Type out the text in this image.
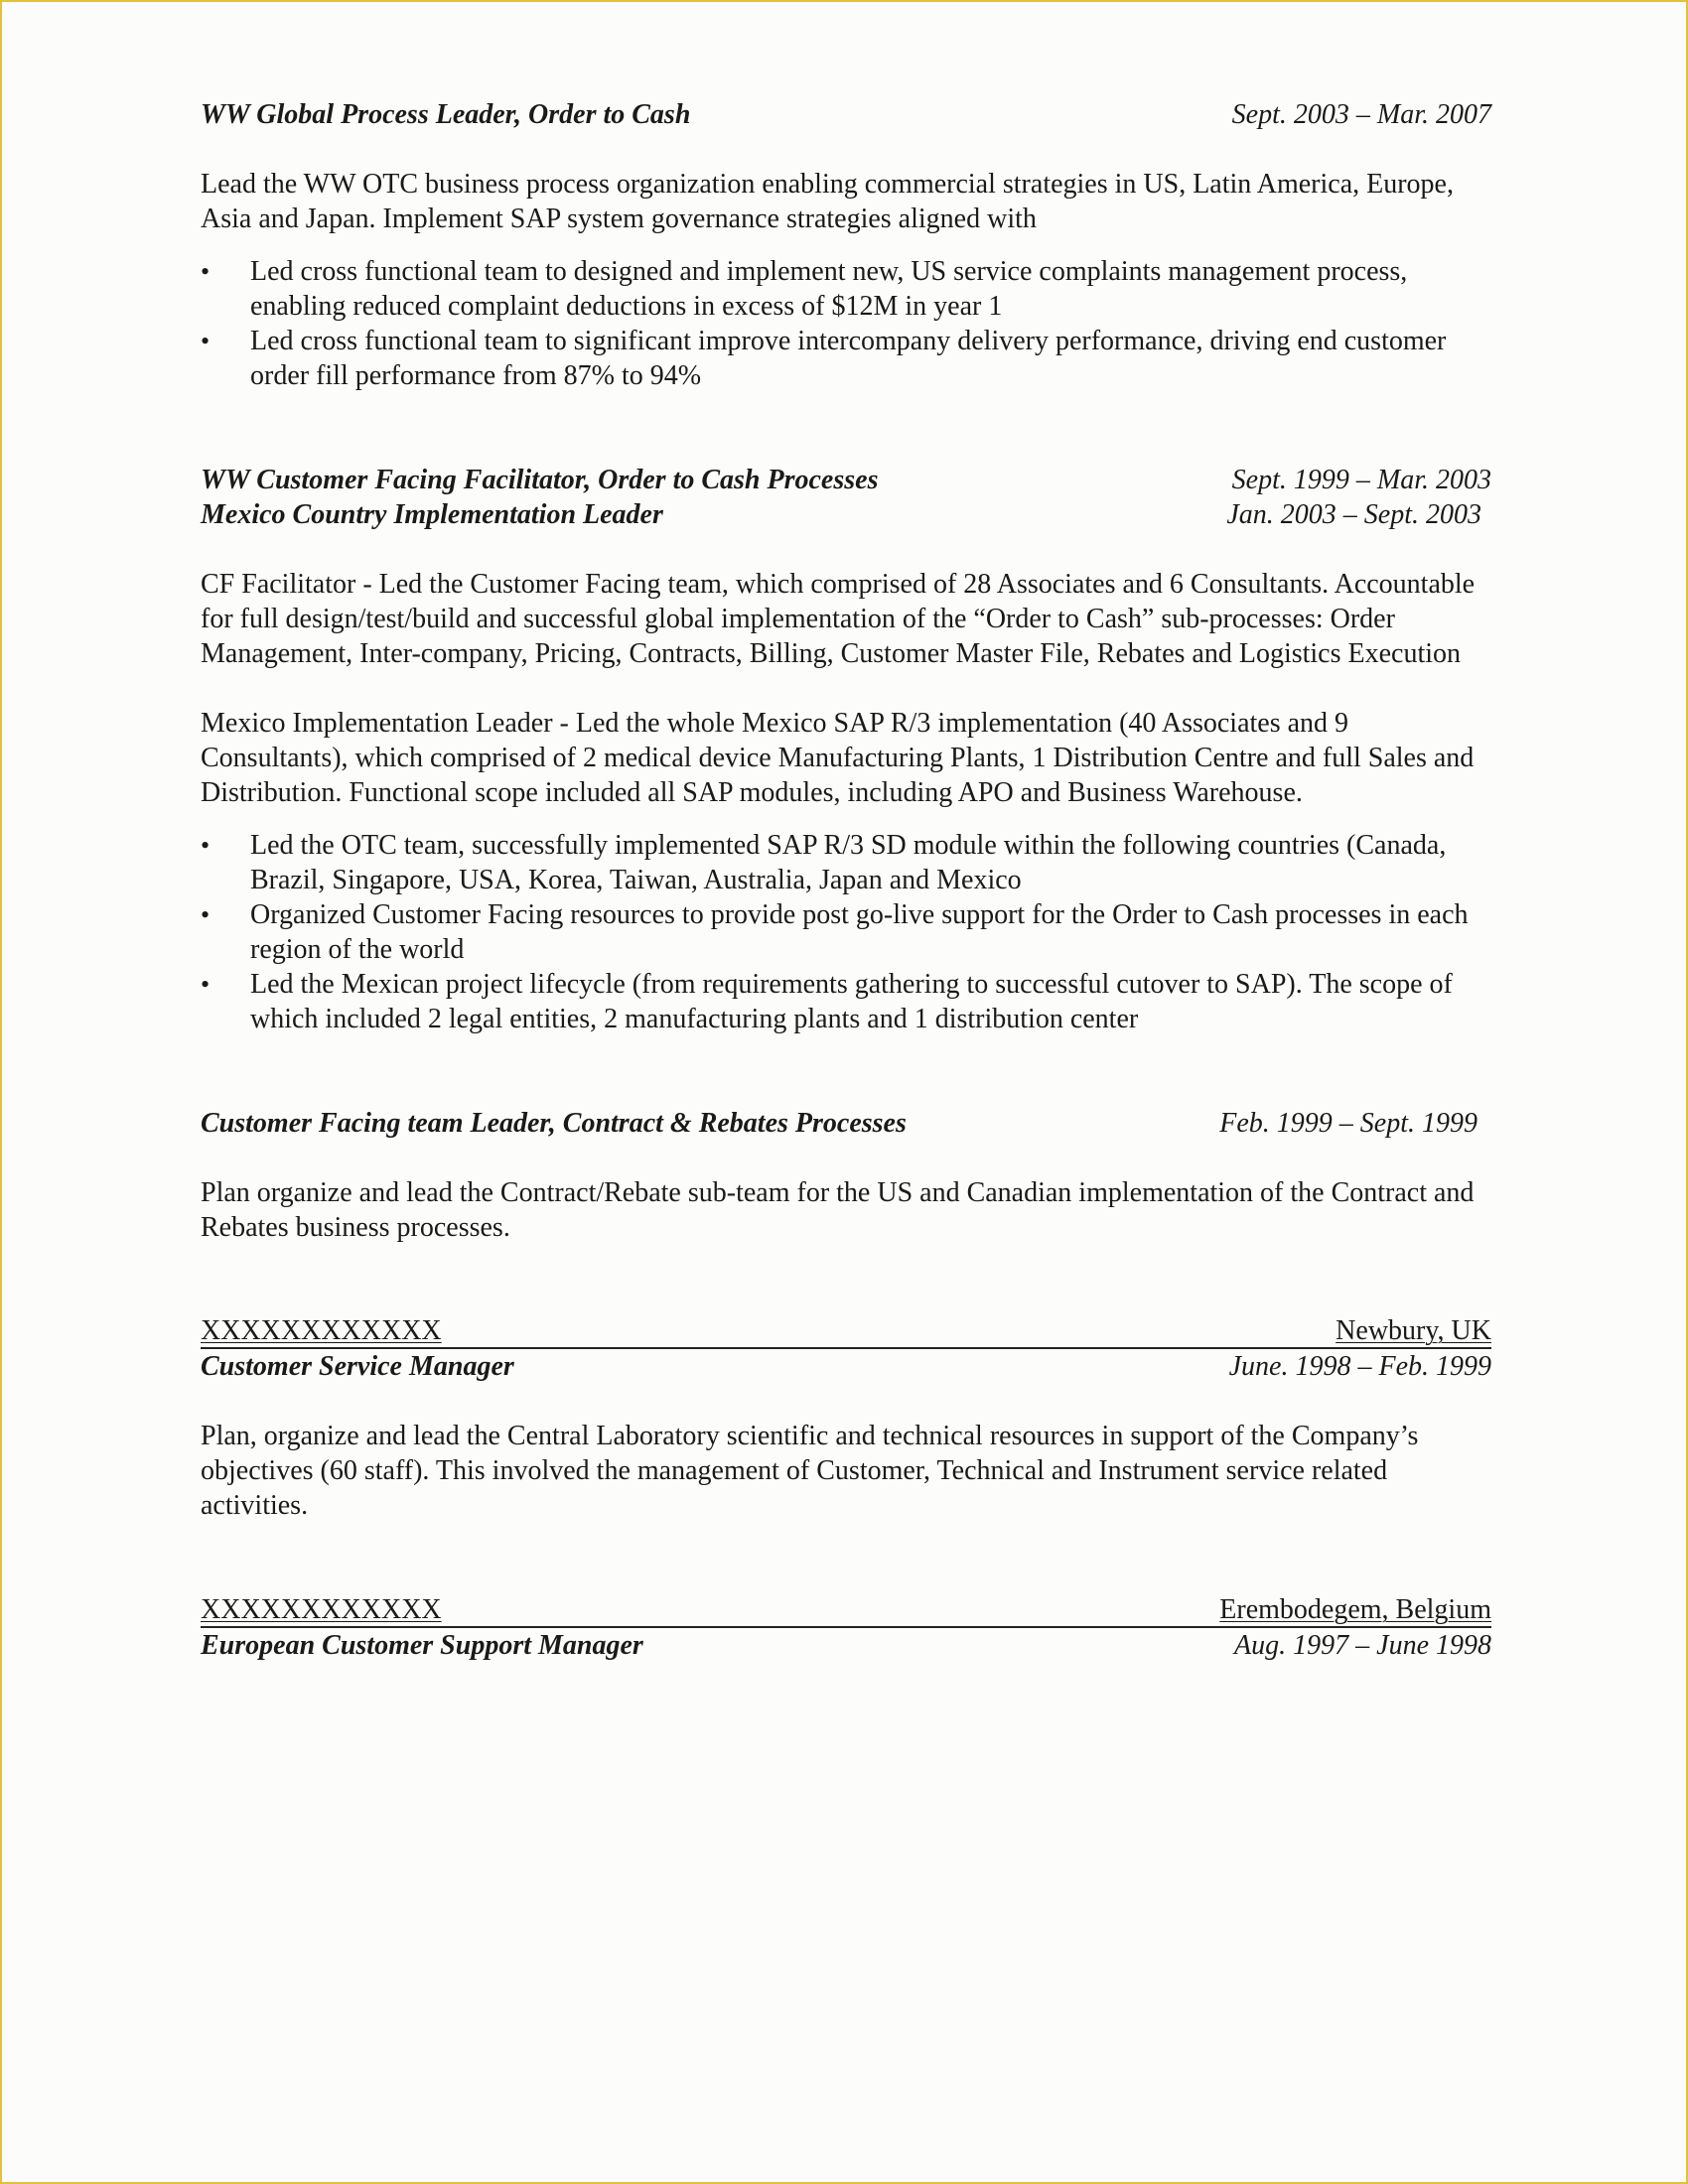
WW Global Process Leader, Order to Cash	Sept. 2003 – Mar. 2007

Lead the WW OTC business process organization enabling commercial strategies in US, Latin America, Europe, Asia and Japan. Implement SAP system governance strategies aligned with

• Led cross functional team to designed and implement new, US service complaints management process, enabling reduced complaint deductions in excess of $12M in year 1
• Led cross functional team to significant improve intercompany delivery performance, driving end customer order fill performance from 87% to 94%
WW Customer Facing Facilitator, Order to Cash Processes	Sept. 1999 – Mar. 2003
Mexico Country Implementation Leader	Jan. 2003 – Sept. 2003

CF Facilitator - Led the Customer Facing team, which comprised of 28 Associates and 6 Consultants. Accountable for full design/test/build and successful global implementation of the “Order to Cash” sub-processes: Order Management, Inter-company, Pricing, Contracts, Billing, Customer Master File, Rebates and Logistics Execution

Mexico Implementation Leader - Led the whole Mexico SAP R/3 implementation (40 Associates and 9 Consultants), which comprised of 2 medical device Manufacturing Plants, 1 Distribution Centre and full Sales and Distribution. Functional scope included all SAP modules, including APO and Business Warehouse.

• Led the OTC team, successfully implemented SAP R/3 SD module within the following countries (Canada, Brazil, Singapore, USA, Korea, Taiwan, Australia, Japan and Mexico
• Organized Customer Facing resources to provide post go-live support for the Order to Cash processes in each region of the world
• Led the Mexican project lifecycle (from requirements gathering to successful cutover to SAP). The scope of which included 2 legal entities, 2 manufacturing plants and 1 distribution center
Customer Facing team Leader, Contract & Rebates Processes	Feb. 1999 – Sept. 1999

Plan organize and lead the Contract/Rebate sub-team for the US and Canadian implementation of the Contract and Rebates business processes.

XXXXXXXXXXXX	Newbury, UK
Customer Service Manager	June. 1998 – Feb. 1999

Plan, organize and lead the Central Laboratory scientific and technical resources in support of the Company’s objectives (60 staff). This involved the management of Customer, Technical and Instrument service related activities.

XXXXXXXXXXXX	Erembodegem, Belgium
European Customer Support Manager	Aug. 1997 – June 1998
